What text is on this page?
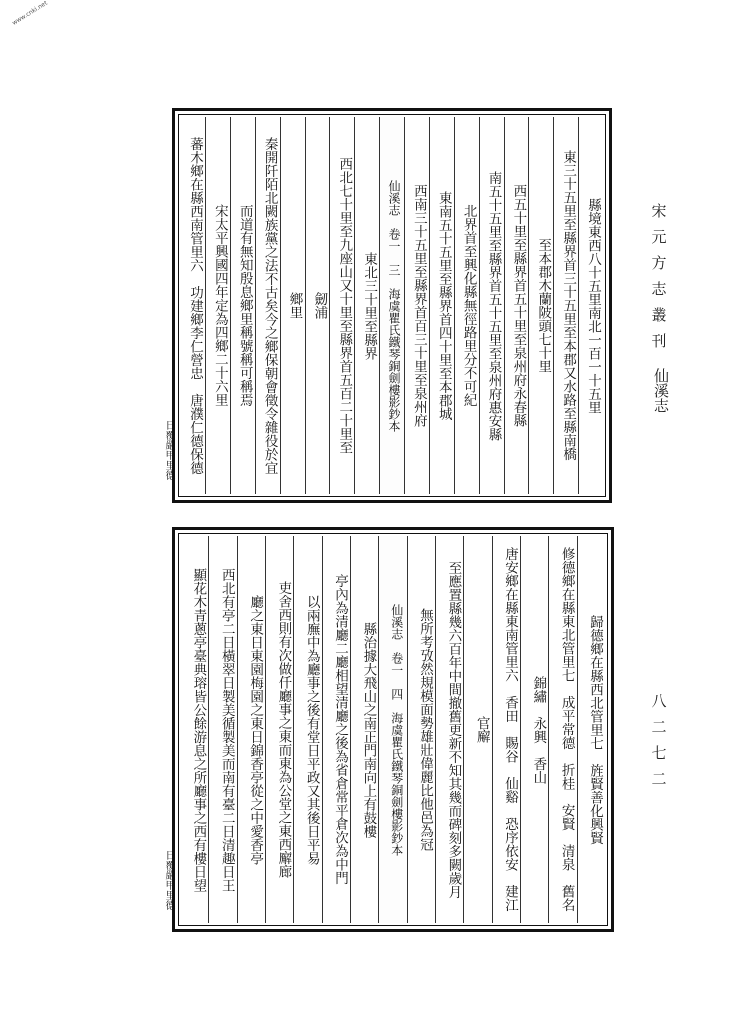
www.cnki.net
宋
元
方
志
叢
刊
仙溪志
八
二
七
二
縣境東西八十五里南北一百一十五里
東三十五里至縣界首三十五里至本郡又水路至縣南橋
至本郡木蘭陂頭七十里
西五十里至縣界首五十里至泉州府永春縣
南五十五里至縣界首五十五里至泉州府惠安縣
北界首至興化縣無徑路里分不可紀
東南五十五里至縣界首四十里至本郡城
西南三十五里至縣界首百三十里至泉州府
仙溪志　卷一　三　海虞瞿氏鐵琴銅劍樓影鈔本
東北三十里至縣界
西北七十里至九座山又十里至縣界首五百二十里至
劒浦
鄉里
秦開阡陌北闕族黨之法不古矣今之鄉保朝會徵令雜役於宜
而道有無知殷息鄉里稱號稱可稱焉
宋太平興國四年定為四鄉二十六里
蕃木鄉在縣西南管里六　功建鄉李仁營忠　唐濮仁德保德
日覆嚴甲里德
歸德鄉在縣西北管里七　旌賢善化興賢
修德鄉在縣東北管里七　成平常德　折桂　安賢　清泉　舊名
錦繡　永興　香山
唐安鄉在縣東南管里六　香田　賜谷　仙谿　恐序依安　建江
官廨
至應置縣幾六百年中間撤舊更新不知其幾而碑刻多闕歲月
無所考攷然規模面勢雄壯偉麗比他邑為冠
仙溪志　卷一　四　海虞瞿氏鐵琴銅劍樓影鈔本
縣治據大飛山之南正門南向上有鼓樓
亭內為清廳二廳相望清廳之後為省倉常平倉次為中門
以兩廡中為廳事之後有堂日平政又其後日平易
吏舍西則有次做仟廳事之東而東為公堂之東西廨廊
廳之東日東園梅園之東日錦香亭從之中愛香亭
西北有亭二日橫翠日製美循製美而南有臺二日清趣日王
顯花木青蔥亭臺典瑢皆公餘游息之所廳事之西有樓日望
日覆嚴甲里德
